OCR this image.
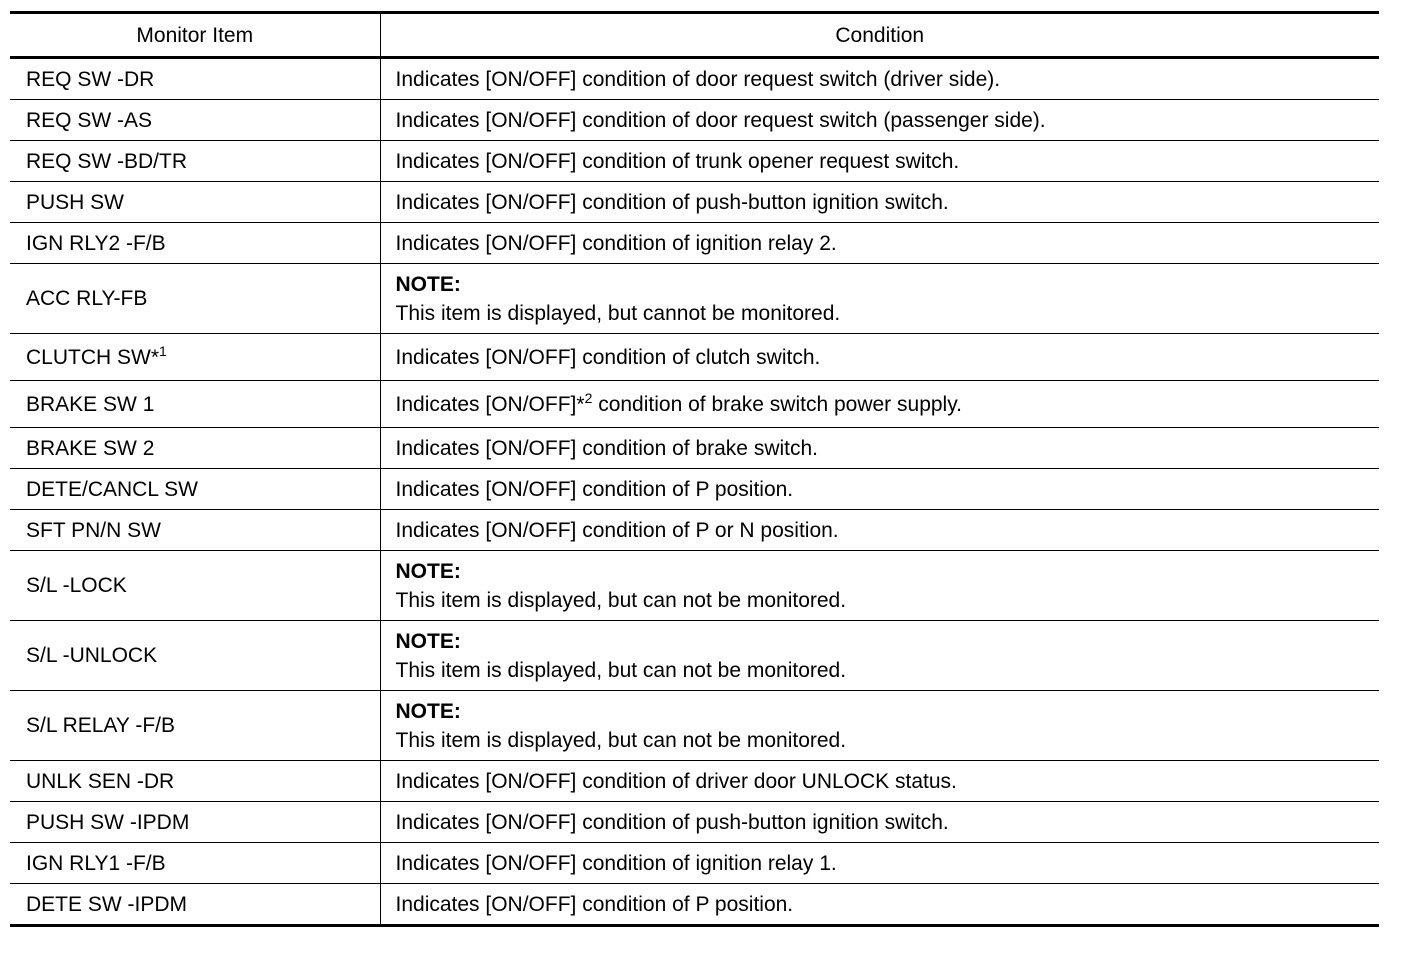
Monitor Item	Condition
REQ SW -DR	Indicates [ON/OFF] condition of door request switch (driver side).
REQ SW -AS	Indicates [ON/OFF] condition of door request switch (passenger side).
REQ SW -BD/TR	Indicates [ON/OFF] condition of trunk opener request switch.
PUSH SW	Indicates [ON/OFF] condition of push-button ignition switch.
IGN RLY2 -F/B	Indicates [ON/OFF] condition of ignition relay 2.
ACC RLY-FB	NOTE:
This item is displayed, but cannot be monitored.

CLUTCH SW*$^1$	Indicates [ON/OFF] condition of clutch switch.
BRAKE SW 1	Indicates [ON/OFF]*$^2$ condition of brake switch power supply.
BRAKE SW 2	Indicates [ON/OFF] condition of brake switch.
DETE/CANCL SW	Indicates [ON/OFF] condition of P position.
SFT PN/N SW	Indicates [ON/OFF] condition of P or N position.
S/L -LOCK	NOTE:
This item is displayed, but can not be monitored.

S/L -UNLOCK	NOTE:
This item is displayed, but can not be monitored.

S/L RELAY -F/B	NOTE:
This item is displayed, but can not be monitored.

UNLK SEN -DR	Indicates [ON/OFF] condition of driver door UNLOCK status.
PUSH SW -IPDM	Indicates [ON/OFF] condition of push-button ignition switch.
IGN RLY1 -F/B	Indicates [ON/OFF] condition of ignition relay 1.
DETE SW -IPDM	Indicates [ON/OFF] condition of P position.
